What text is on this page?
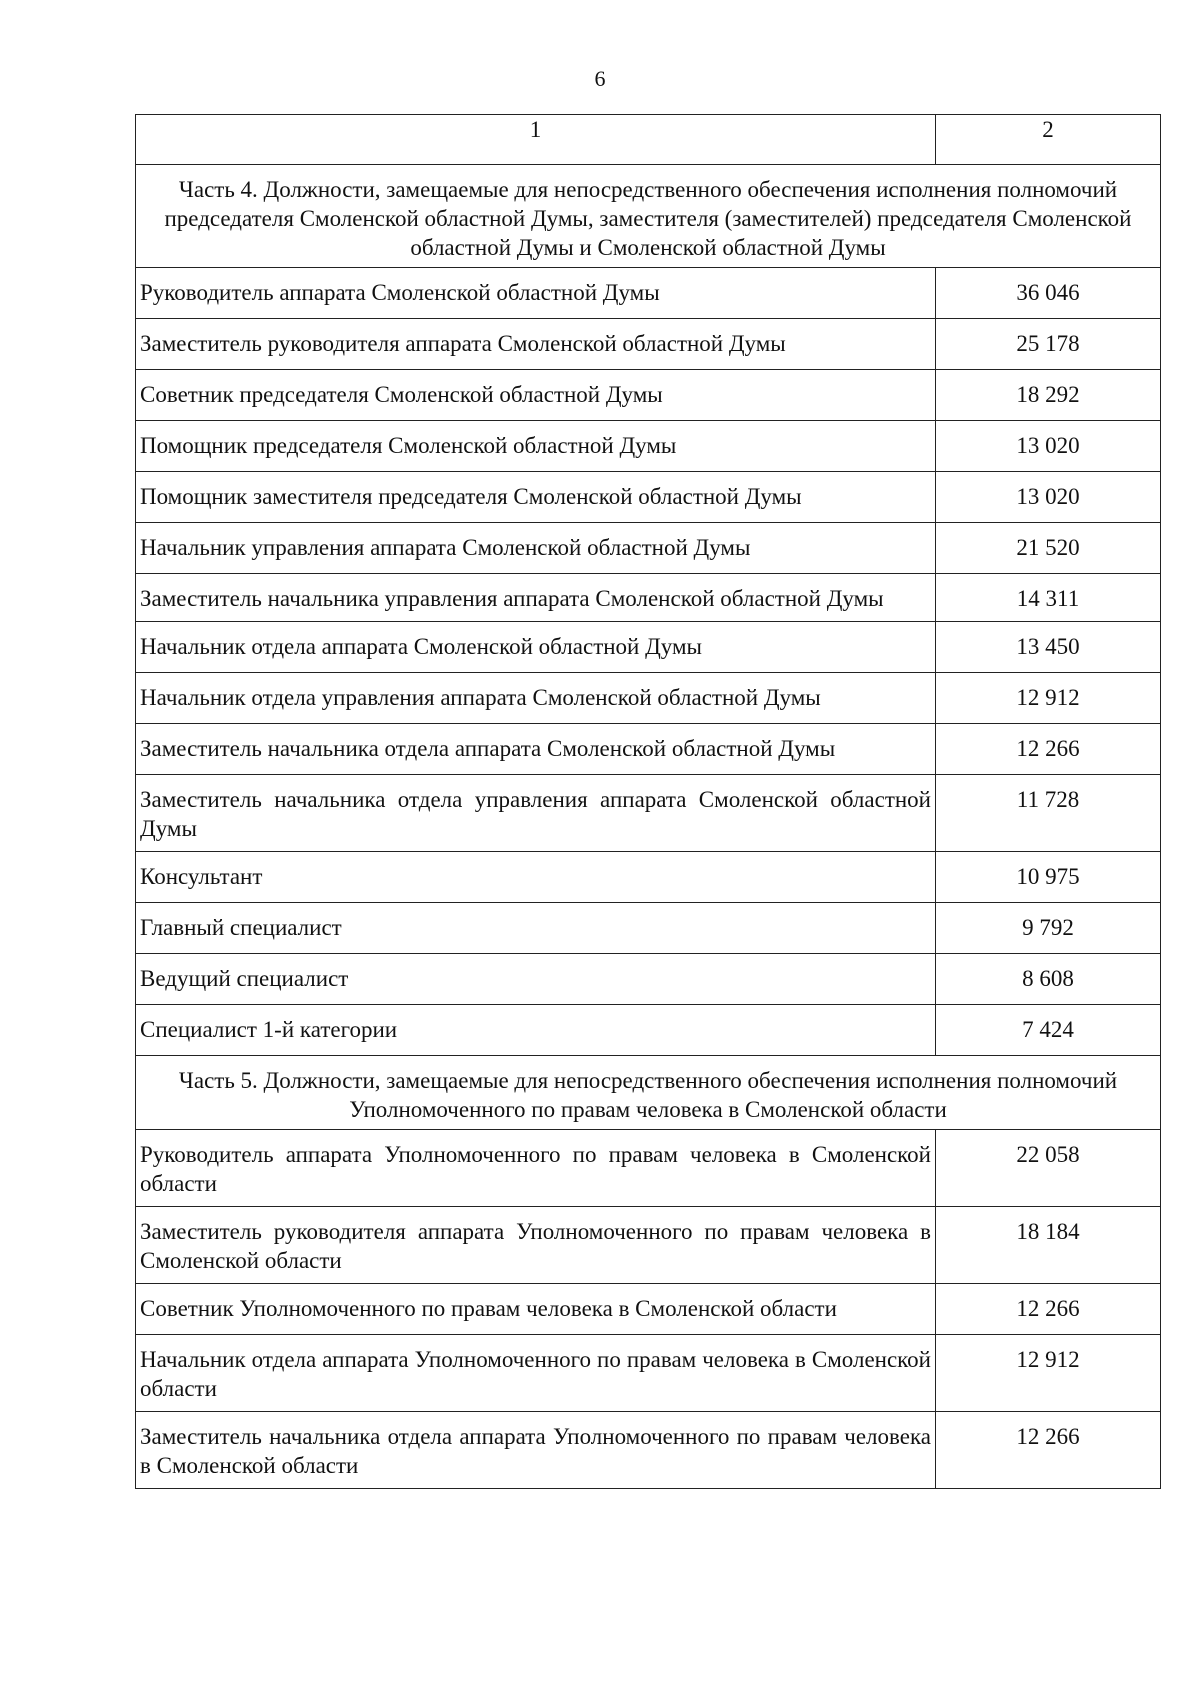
6
1	2
Часть 4. Должности, замещаемые для непосредственного обеспечения исполнения полномочий председателя Смоленской областной Думы, заместителя (заместителей) председателя Смоленской областной Думы и Смоленской областной Думы	
Руководитель аппарата Смоленской областной Думы	36 046
Заместитель руководителя аппарата Смоленской областной Думы	25 178
Советник председателя Смоленской областной Думы	18 292
Помощник председателя Смоленской областной Думы	13 020
Помощник заместителя председателя Смоленской областной Думы	13 020
Начальник управления аппарата Смоленской областной Думы	21 520
Заместитель начальника управления аппарата Смоленской областной Думы	14 311
Начальник отдела аппарата Смоленской областной Думы	13 450
Начальник отдела управления аппарата Смоленской областной Думы	12 912
Заместитель начальника отдела аппарата Смоленской областной Думы	12 266
Заместитель начальника отдела управления аппарата Смоленской областной Думы	11 728
Консультант	10 975
Главный специалист	9 792
Ведущий специалист	8 608
Специалист 1-й категории	7 424
Часть 5. Должности, замещаемые для непосредственного обеспечения исполнения полномочий Уполномоченного по правам человека в Смоленской области	
Руководитель аппарата Уполномоченного по правам человека в Смоленской области	22 058
Заместитель руководителя аппарата Уполномоченного по правам человека в Смоленской области	18 184
Советник Уполномоченного по правам человека в Смоленской области	12 266
Начальник отдела аппарата Уполномоченного по правам человека в Смоленской области	12 912
Заместитель начальника отдела аппарата Уполномоченного по правам человека в Смоленской области	12 266
